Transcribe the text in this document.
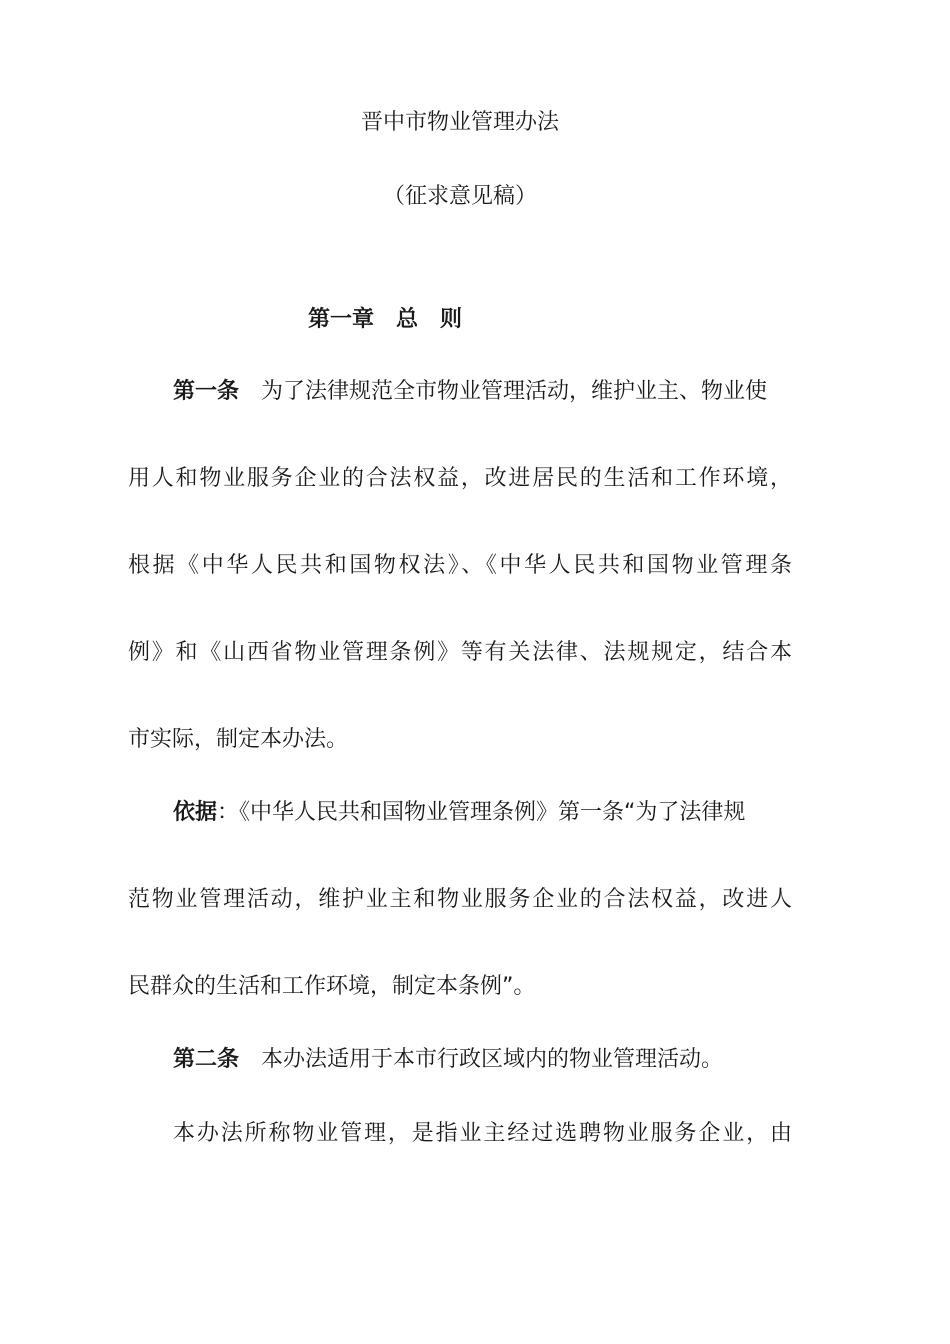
晋中市物业管理办法
（征求意见稿）
第一章　总　则
第一条  为了法律规范全市物业管理活动，维护业主、物业使
用人和物业服务企业的合法权益，改进居民的生活和工作环境，
根据《中华人民共和国物权法》、《中华人民共和国物业管理条
例》和《山西省物业管理条例》等有关法律、法规规定，结合本
市实际，制定本办法。
依据：《中华人民共和国物业管理条例》第一条“为了法律规
范物业管理活动，维护业主和物业服务企业的合法权益，改进人
民群众的生活和工作环境，制定本条例”。
第二条  本办法适用于本市行政区域内的物业管理活动。
本办法所称物业管理，是指业主经过选聘物业服务企业，由
